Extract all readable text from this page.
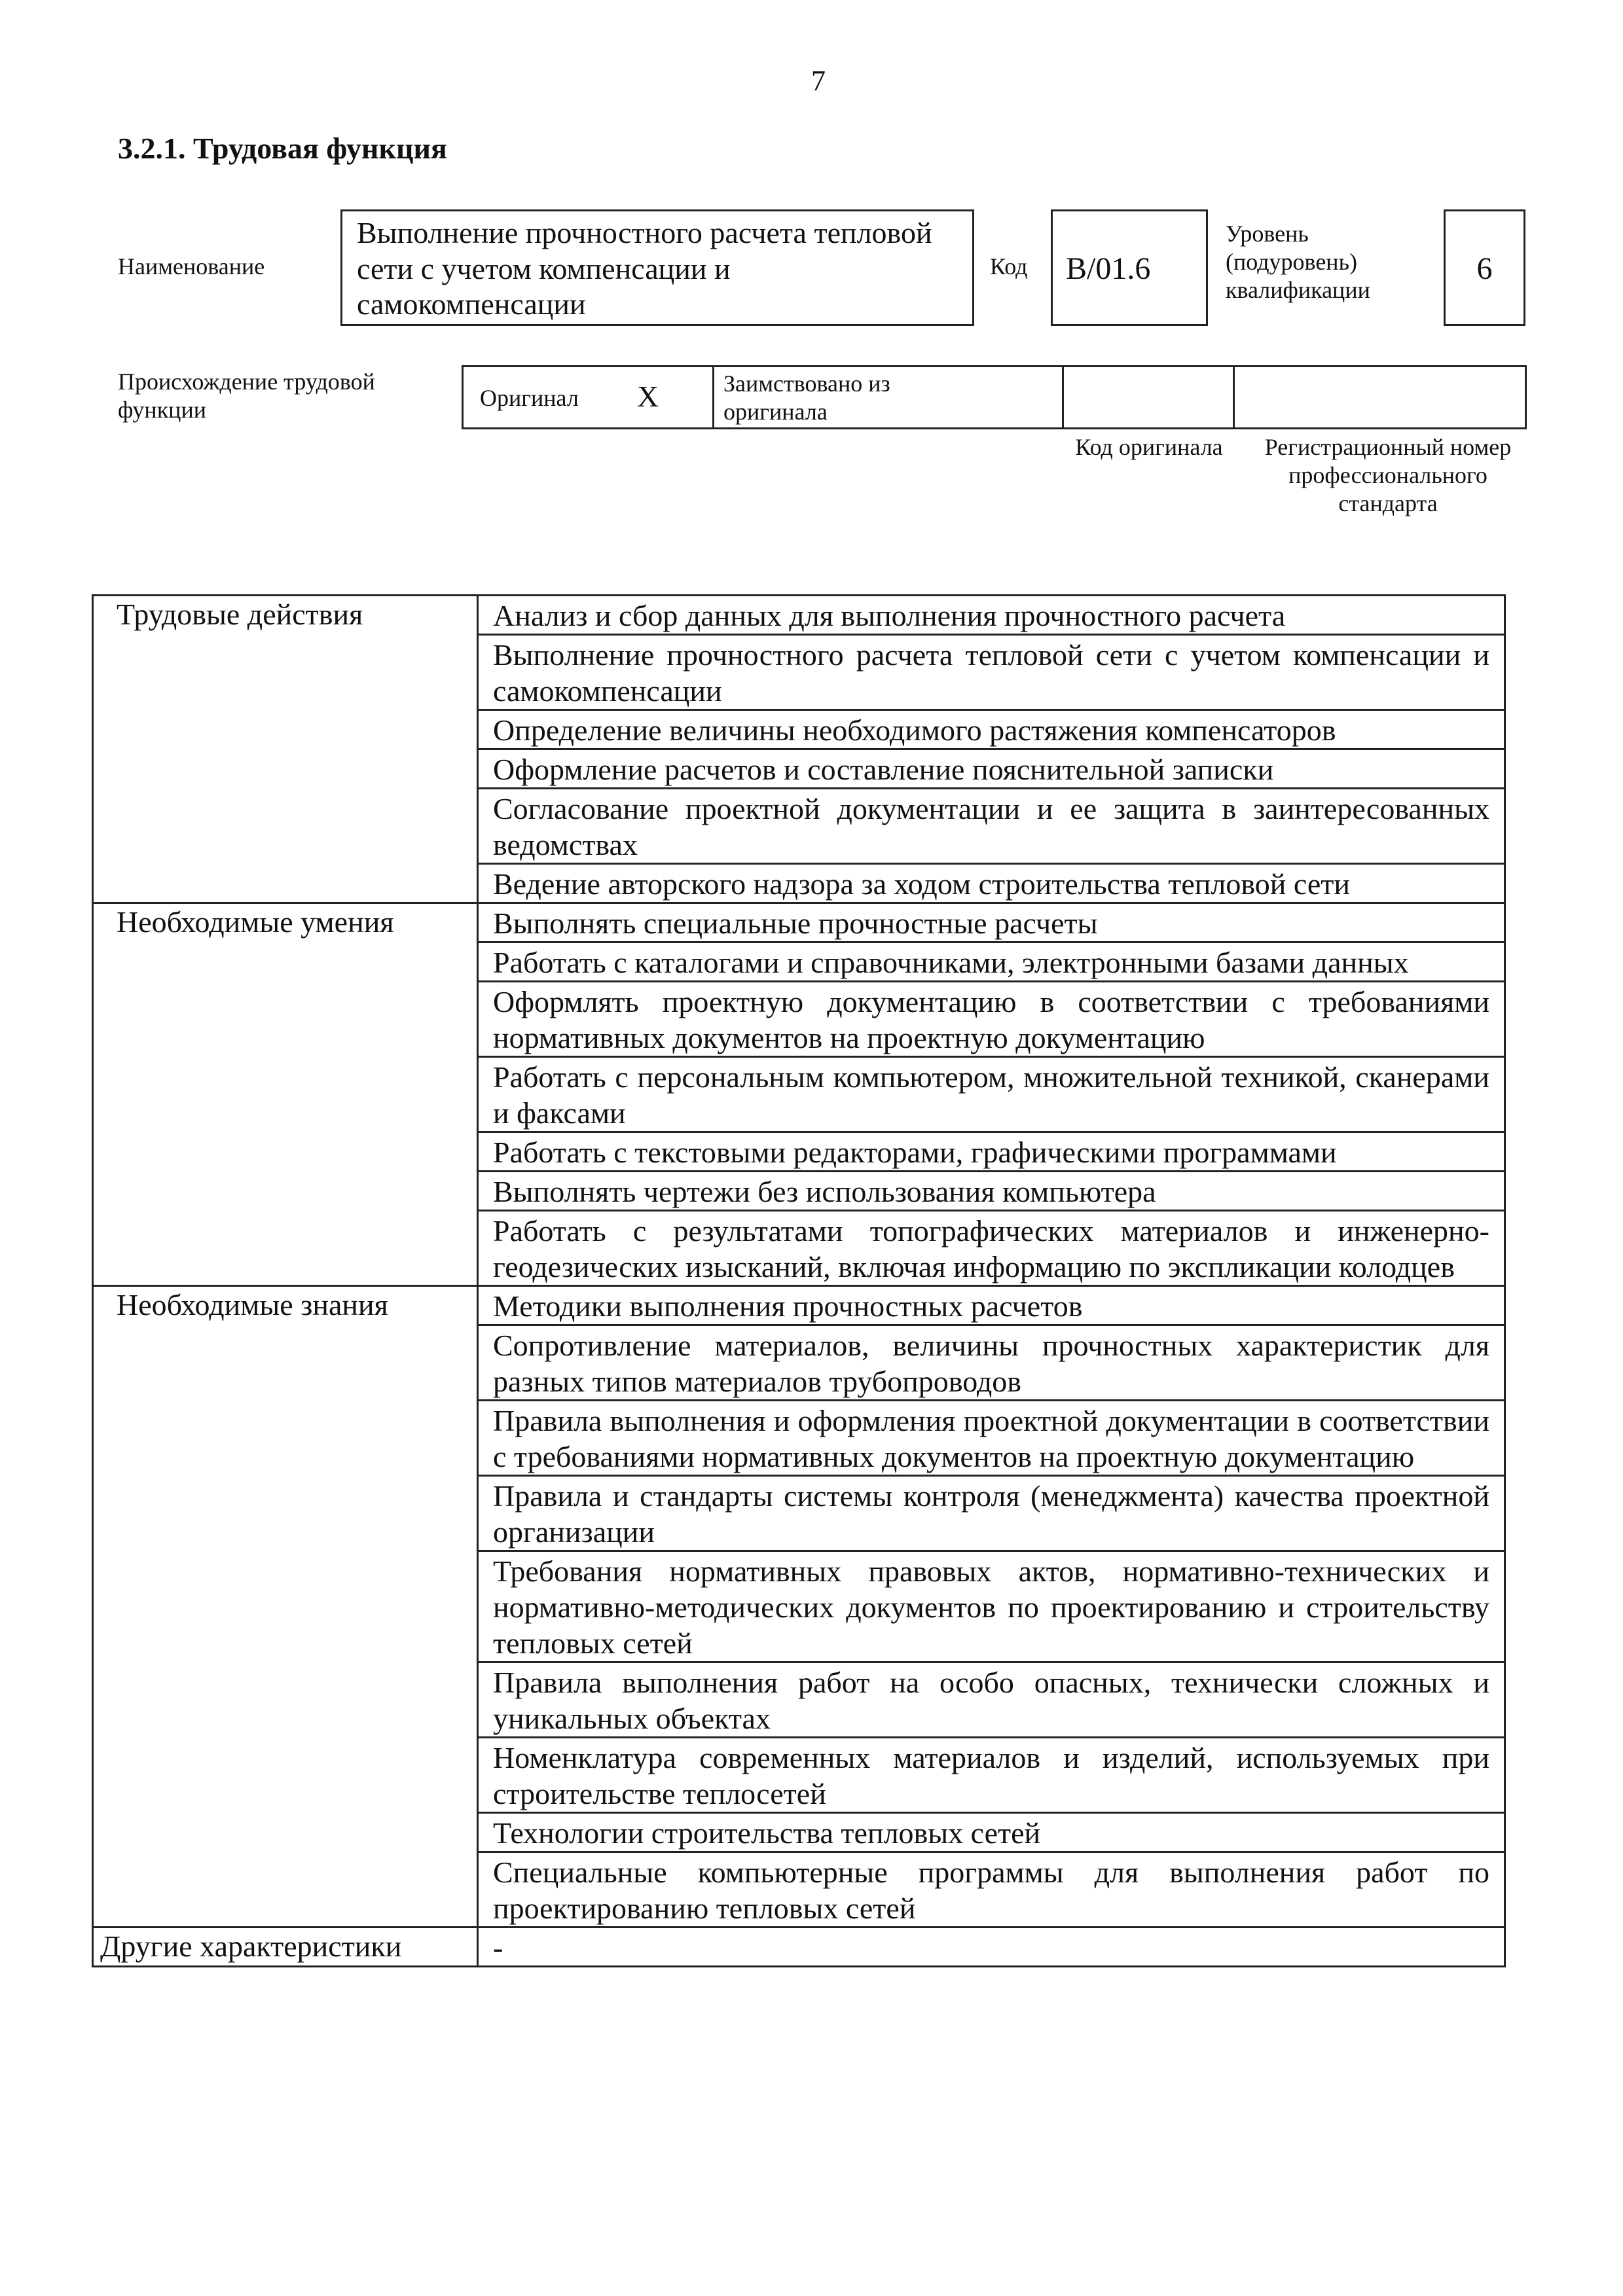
7
3.2.1. Трудовая функция
Наименование
Выполнение прочностного расчета тепловой сети с учетом компенсации и самокомпенсации
Код	В/01.6
Уровень (подуровень) квалификации
6
Происхождение трудовой функции	Оригинал X	Заимствовано из оригинала
Код оригинала	Регистрационный номер профессионального стандарта
Трудовые действия	Анализ и сбор данных для выполнения прочностного расчета
	Выполнение прочностного расчета тепловой сети с учетом компенсации и самокомпенсации
	Определение величины необходимого растяжения компенсаторов
	Оформление расчетов и составление пояснительной записки
	Согласование проектной документации и ее защита в заинтересованных ведомствах
	Ведение авторского надзора за ходом строительства тепловой сети
Необходимые умения	Выполнять специальные прочностные расчеты
	Работать с каталогами и справочниками, электронными базами данных
	Оформлять проектную документацию в соответствии с требованиями нормативных документов на проектную документацию
	Работать с персональным компьютером, множительной техникой, сканерами и факсами
	Работать с текстовыми редакторами, графическими программами
	Выполнять чертежи без использования компьютера
	Работать с результатами топографических материалов и инженерно-геодезических изысканий, включая информацию по экспликации колодцев
Необходимые знания	Методики выполнения прочностных расчетов
	Сопротивление материалов, величины прочностных характеристик для разных типов материалов трубопроводов
	Правила выполнения и оформления проектной документации в соответствии с требованиями нормативных документов на проектную документацию
	Правила и стандарты системы контроля (менеджмента) качества проектной организации
	Требования нормативных правовых актов, нормативно-технических и нормативно-методических документов по проектированию и строительству тепловых сетей
	Правила выполнения работ на особо опасных, технически сложных и уникальных объектах
	Номенклатура современных материалов и изделий, используемых при строительстве теплосетей
	Технологии строительства тепловых сетей
	Специальные компьютерные программы для выполнения работ по проектированию тепловых сетей
Другие характеристики	-
